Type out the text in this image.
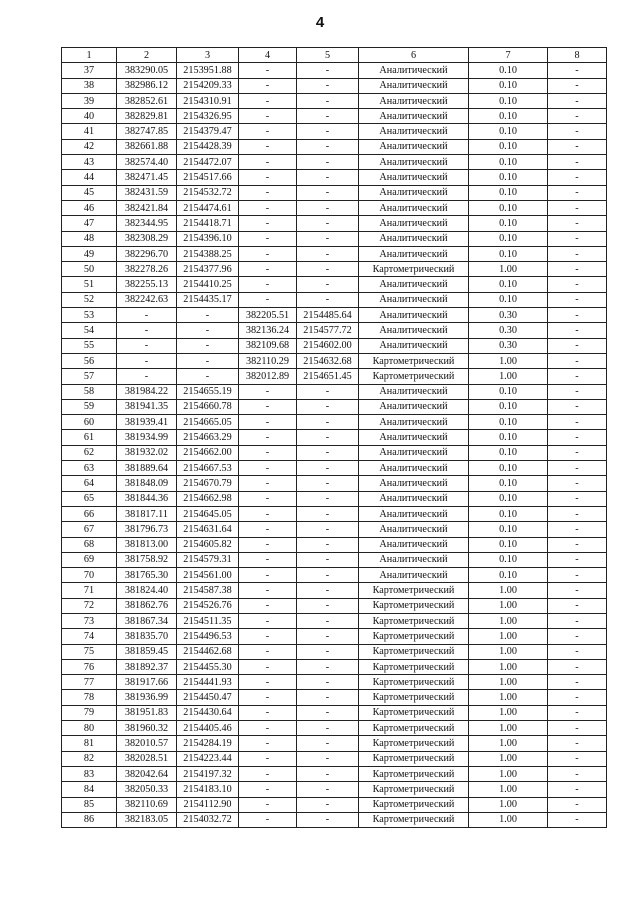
4
1	2	3	4	5	6	7	8
37	383290.05	2153951.88	-	-	Аналитический	0.10	-
38	382986.12	2154209.33	-	-	Аналитический	0.10	-
39	382852.61	2154310.91	-	-	Аналитический	0.10	-
40	382829.81	2154326.95	-	-	Аналитический	0.10	-
41	382747.85	2154379.47	-	-	Аналитический	0.10	-
42	382661.88	2154428.39	-	-	Аналитический	0.10	-
43	382574.40	2154472.07	-	-	Аналитический	0.10	-
44	382471.45	2154517.66	-	-	Аналитический	0.10	-
45	382431.59	2154532.72	-	-	Аналитический	0.10	-
46	382421.84	2154474.61	-	-	Аналитический	0.10	-
47	382344.95	2154418.71	-	-	Аналитический	0.10	-
48	382308.29	2154396.10	-	-	Аналитический	0.10	-
49	382296.70	2154388.25	-	-	Аналитический	0.10	-
50	382278.26	2154377.96	-	-	Картометрический	1.00	-
51	382255.13	2154410.25	-	-	Аналитический	0.10	-
52	382242.63	2154435.17	-	-	Аналитический	0.10	-
53	-	-	382205.51	2154485.64	Аналитический	0.30	-
54	-	-	382136.24	2154577.72	Аналитический	0.30	-
55	-	-	382109.68	2154602.00	Аналитический	0.30	-
56	-	-	382110.29	2154632.68	Картометрический	1.00	-
57	-	-	382012.89	2154651.45	Картометрический	1.00	-
58	381984.22	2154655.19	-	-	Аналитический	0.10	-
59	381941.35	2154660.78	-	-	Аналитический	0.10	-
60	381939.41	2154665.05	-	-	Аналитический	0.10	-
61	381934.99	2154663.29	-	-	Аналитический	0.10	-
62	381932.02	2154662.00	-	-	Аналитический	0.10	-
63	381889.64	2154667.53	-	-	Аналитический	0.10	-
64	381848.09	2154670.79	-	-	Аналитический	0.10	-
65	381844.36	2154662.98	-	-	Аналитический	0.10	-
66	381817.11	2154645.05	-	-	Аналитический	0.10	-
67	381796.73	2154631.64	-	-	Аналитический	0.10	-
68	381813.00	2154605.82	-	-	Аналитический	0.10	-
69	381758.92	2154579.31	-	-	Аналитический	0.10	-
70	381765.30	2154561.00	-	-	Аналитический	0.10	-
71	381824.40	2154587.38	-	-	Картометрический	1.00	-
72	381862.76	2154526.76	-	-	Картометрический	1.00	-
73	381867.34	2154511.35	-	-	Картометрический	1.00	-
74	381835.70	2154496.53	-	-	Картометрический	1.00	-
75	381859.45	2154462.68	-	-	Картометрический	1.00	-
76	381892.37	2154455.30	-	-	Картометрический	1.00	-
77	381917.66	2154441.93	-	-	Картометрический	1.00	-
78	381936.99	2154450.47	-	-	Картометрический	1.00	-
79	381951.83	2154430.64	-	-	Картометрический	1.00	-
80	381960.32	2154405.46	-	-	Картометрический	1.00	-
81	382010.57	2154284.19	-	-	Картометрический	1.00	-
82	382028.51	2154223.44	-	-	Картометрический	1.00	-
83	382042.64	2154197.32	-	-	Картометрический	1.00	-
84	382050.33	2154183.10	-	-	Картометрический	1.00	-
85	382110.69	2154112.90	-	-	Картометрический	1.00	-
86	382183.05	2154032.72	-	-	Картометрический	1.00	-
